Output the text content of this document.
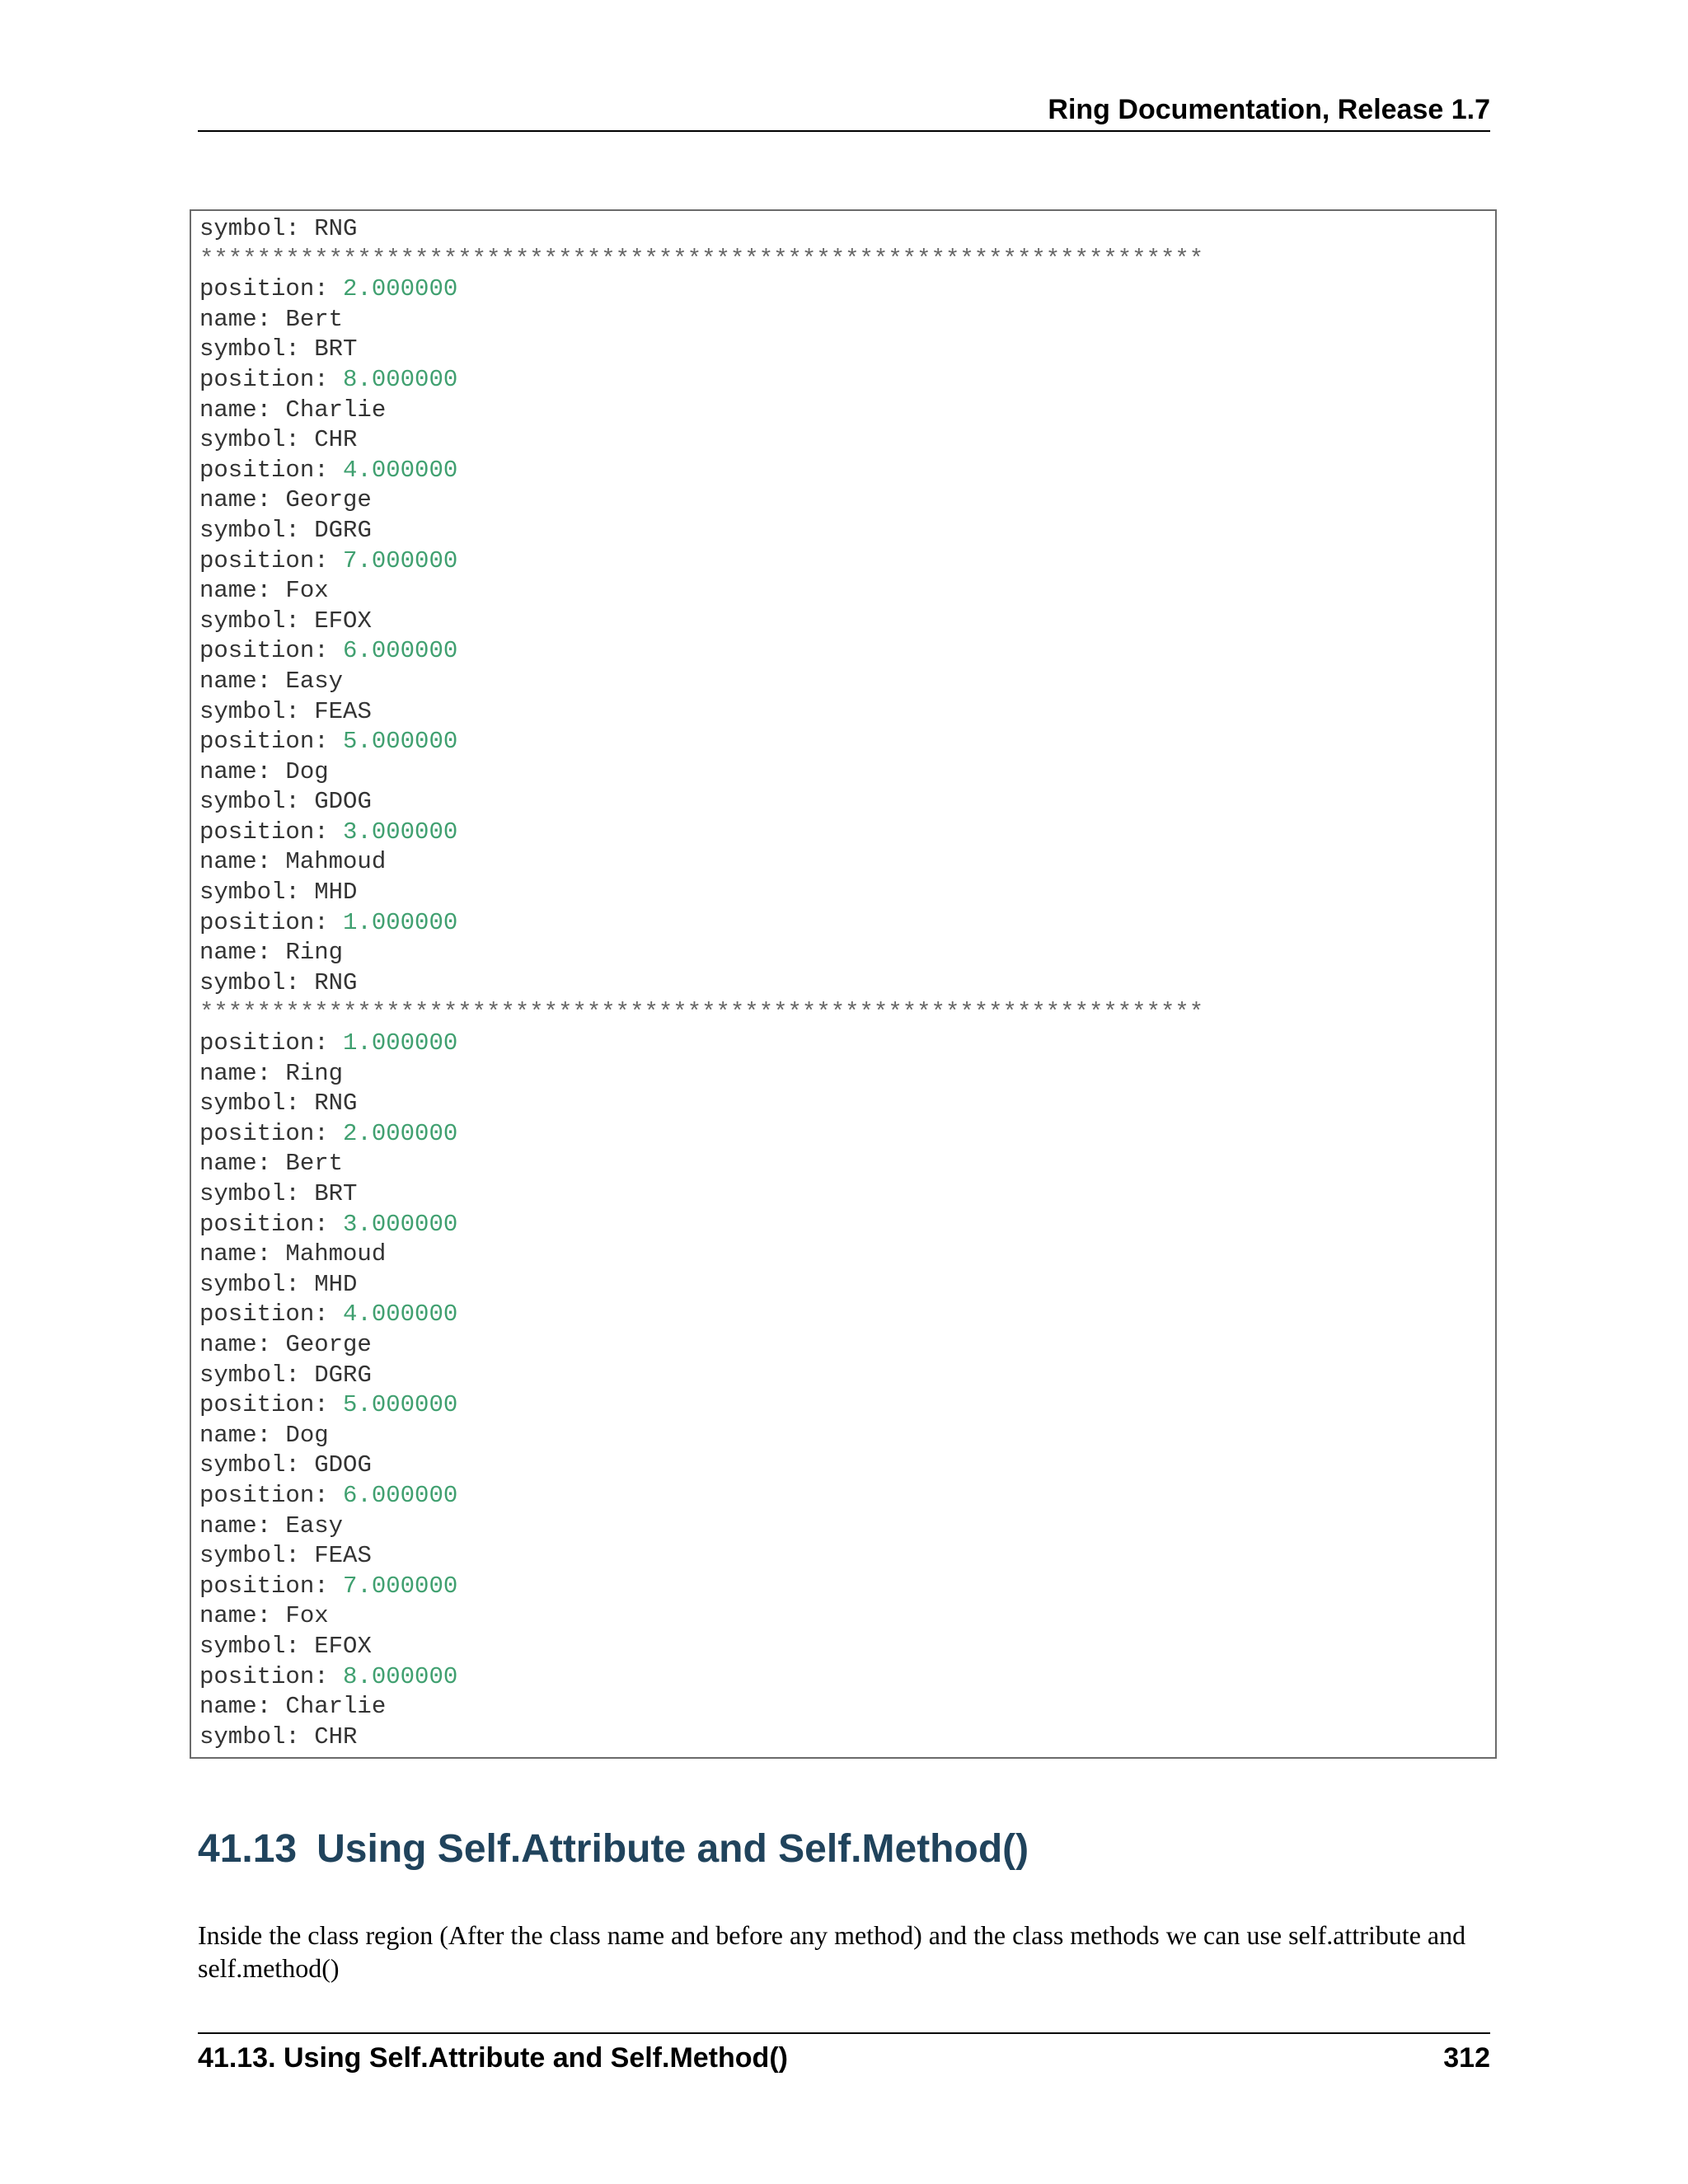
Ring Documentation, Release 1.7
symbol: RNG
**********************************************************************
position: 2.000000
name: Bert
symbol: BRT
position: 8.000000
name: Charlie
symbol: CHR
position: 4.000000
name: George
symbol: DGRG
position: 7.000000
name: Fox
symbol: EFOX
position: 6.000000
name: Easy
symbol: FEAS
position: 5.000000
name: Dog
symbol: GDOG
position: 3.000000
name: Mahmoud
symbol: MHD
position: 1.000000
name: Ring
symbol: RNG
**********************************************************************
position: 1.000000
name: Ring
symbol: RNG
position: 2.000000
name: Bert
symbol: BRT
position: 3.000000
name: Mahmoud
symbol: MHD
position: 4.000000
name: George
symbol: DGRG
position: 5.000000
name: Dog
symbol: GDOG
position: 6.000000
name: Easy
symbol: FEAS
position: 7.000000
name: Fox
symbol: EFOX
position: 8.000000
name: Charlie
symbol: CHR
41.13 Using Self.Attribute and Self.Method()

Inside the class region (After the class name and before any method) and the class methods we can use self.attribute and self.method()

41.13. Using Self.Attribute and Self.Method()	312
